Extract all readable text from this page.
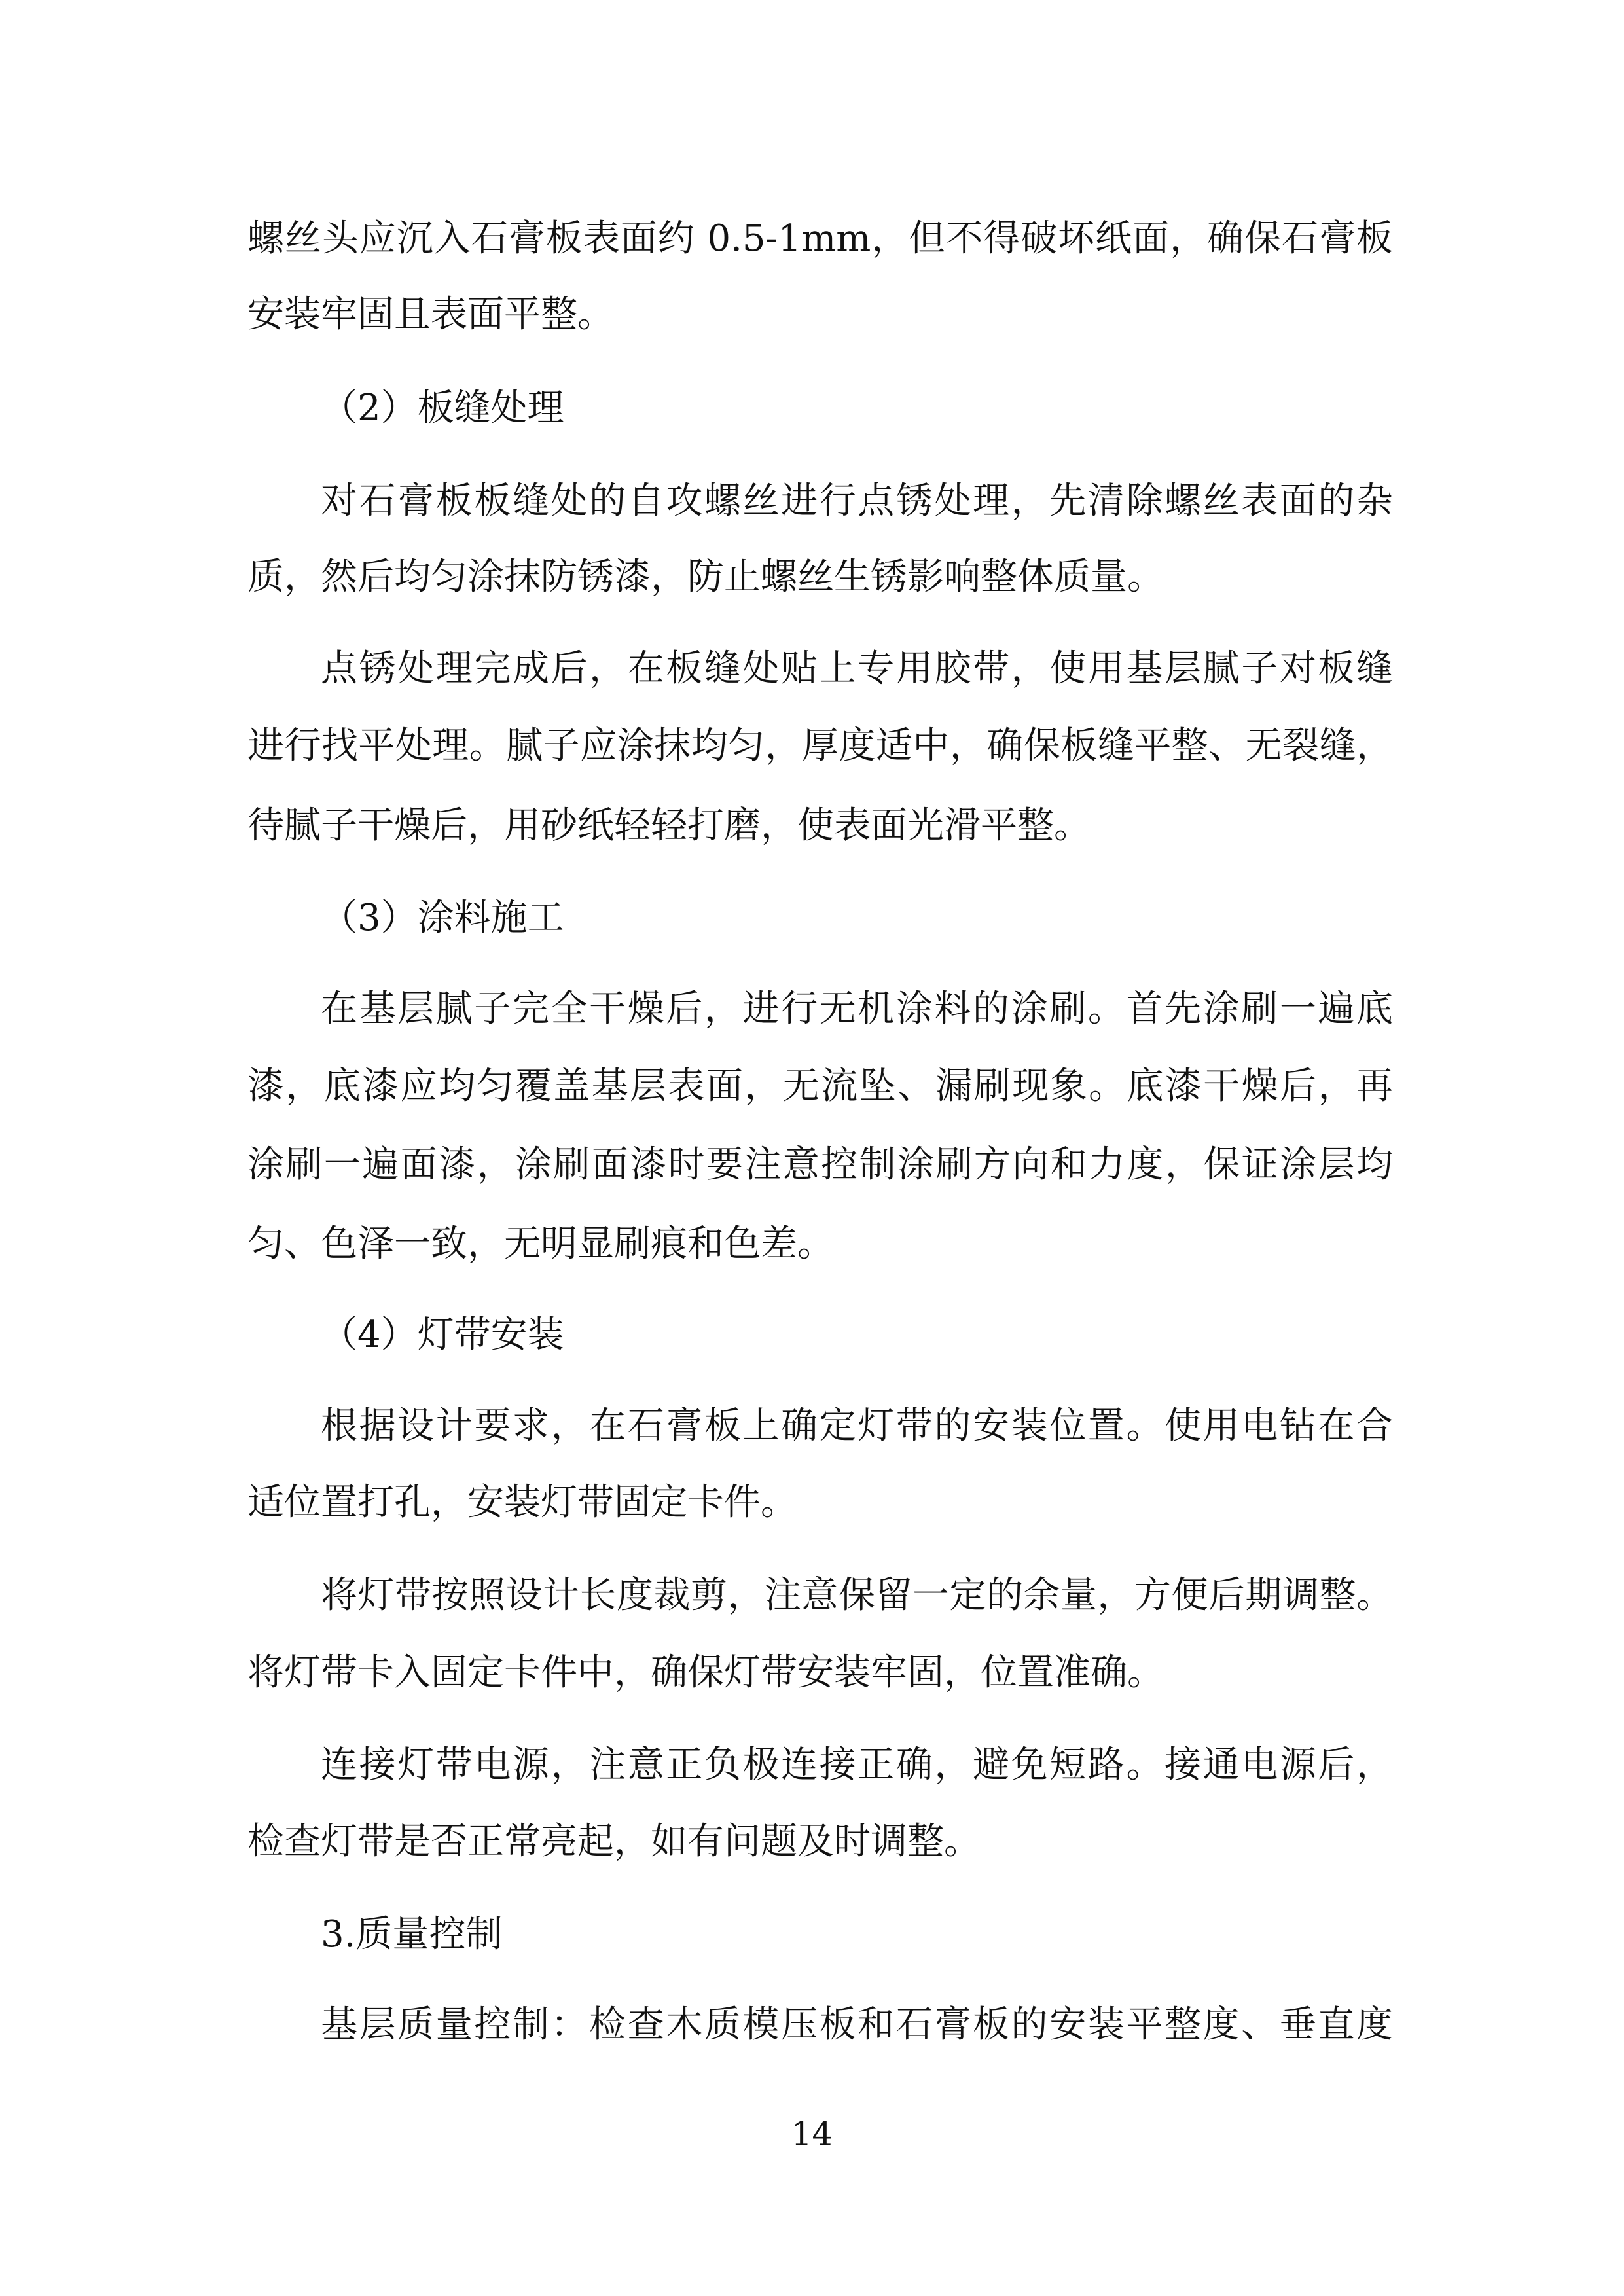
螺丝头应沉入石膏板表面约 0.5-1mm，但不得破坏纸面，确保石膏板

安装牢固且表面平整。

（2）板缝处理

对石膏板板缝处的自攻螺丝进行点锈处理，先清除螺丝表面的杂

质，然后均匀涂抹防锈漆，防止螺丝生锈影响整体质量。

点锈处理完成后，在板缝处贴上专用胶带，使用基层腻子对板缝

进行找平处理。腻子应涂抹均匀，厚度适中，确保板缝平整、无裂缝，

待腻子干燥后，用砂纸轻轻打磨，使表面光滑平整。

（3）涂料施工

在基层腻子完全干燥后，进行无机涂料的涂刷。首先涂刷一遍底

漆，底漆应均匀覆盖基层表面，无流坠、漏刷现象。底漆干燥后，再

涂刷一遍面漆，涂刷面漆时要注意控制涂刷方向和力度，保证涂层均

匀、色泽一致，无明显刷痕和色差。

（4）灯带安装

根据设计要求，在石膏板上确定灯带的安装位置。使用电钻在合

适位置打孔，安装灯带固定卡件。

将灯带按照设计长度裁剪，注意保留一定的余量，方便后期调整。

将灯带卡入固定卡件中，确保灯带安装牢固，位置准确。

连接灯带电源，注意正负极连接正确，避免短路。接通电源后，

检查灯带是否正常亮起，如有问题及时调整。

3.质量控制

基层质量控制：检查木质模压板和石膏板的安装平整度、垂直度

14
